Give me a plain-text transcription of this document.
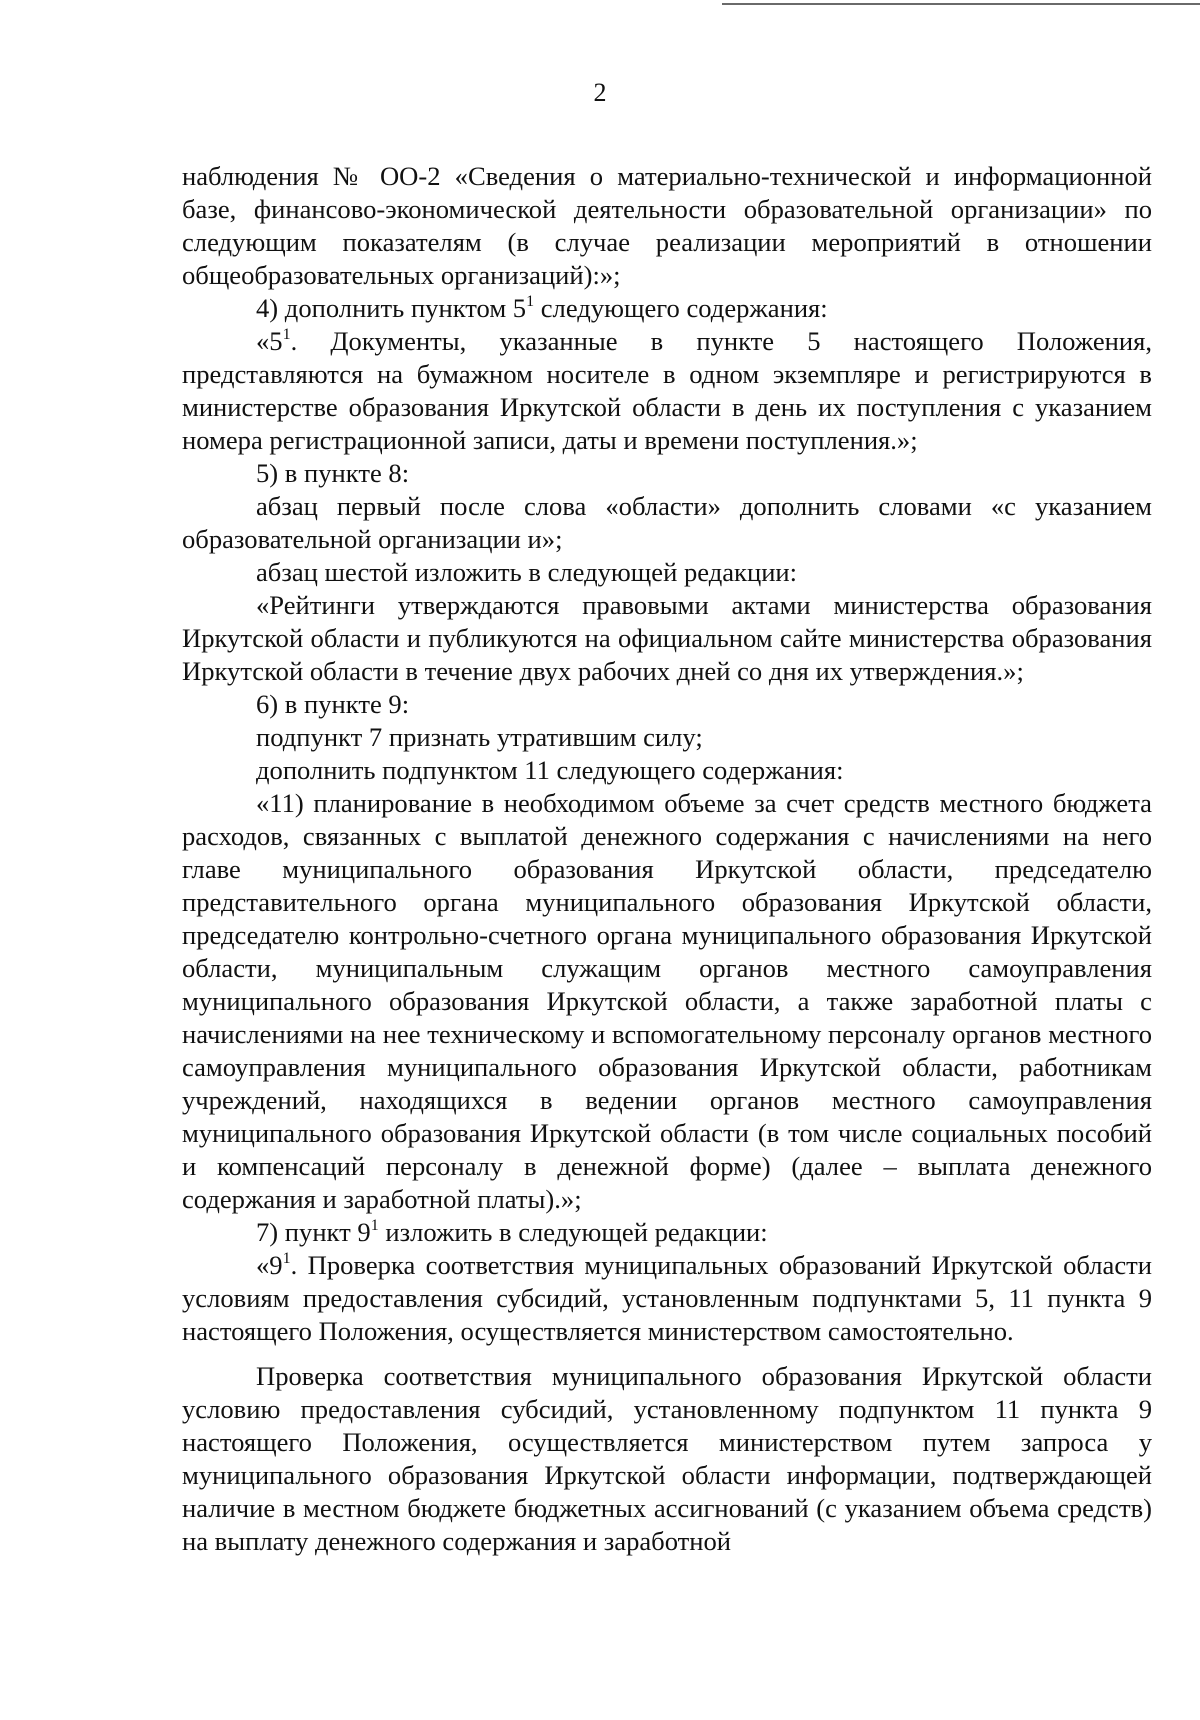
2

наблюдения № ОО-2 «Сведения о материально-технической и информационной базе, финансово-экономической деятельности образовательной организации» по следующим показателям (в случае реализации мероприятий в отношении общеобразовательных организаций):»;

4) дополнить пунктом $5^1$ следующего содержания:

«$5^1$. Документы, указанные в пункте 5 настоящего Положения, представляются на бумажном носителе в одном экземпляре и регистрируются в министерстве образования Иркутской области в день их поступления с указанием номера регистрационной записи, даты и времени поступления.»;

5) в пункте 8:

абзац первый после слова «области» дополнить словами «с указанием образовательной организации и»;

абзац шестой изложить в следующей редакции:

«Рейтинги утверждаются правовыми актами министерства образования Иркутской области и публикуются на официальном сайте министерства образования Иркутской области в течение двух рабочих дней со дня их утверждения.»;

6) в пункте 9:

подпункт 7 признать утратившим силу;

дополнить подпунктом 11 следующего содержания:

«11) планирование в необходимом объеме за счет средств местного бюджета расходов, связанных с выплатой денежного содержания с начислениями на него главе муниципального образования Иркутской области, председателю представительного органа муниципального образования Иркутской области, председателю контрольно-счетного органа муниципального образования Иркутской области, муниципальным служащим органов местного самоуправления муниципального образования Иркутской области, а также заработной платы с начислениями на нее техническому и вспомогательному персоналу органов местного самоуправления муниципального образования Иркутской области, работникам учреждений, находящихся в ведении органов местного самоуправления муниципального образования Иркутской области (в том числе социальных пособий и компенсаций персоналу в денежной форме) (далее – выплата денежного содержания и заработной платы).»;

7) пункт $9^1$ изложить в следующей редакции:

«$9^1$. Проверка соответствия муниципальных образований Иркутской области условиям предоставления субсидий, установленным подпунктами 5, 11 пункта 9 настоящего Положения, осуществляется министерством самостоятельно.

Проверка соответствия муниципального образования Иркутской области условию предоставления субсидий, установленному подпунктом 11 пункта 9 настоящего Положения, осуществляется министерством путем запроса у муниципального образования Иркутской области информации, подтверждающей наличие в местном бюджете бюджетных ассигнований (с указанием объема средств) на выплату денежного содержания и заработной
